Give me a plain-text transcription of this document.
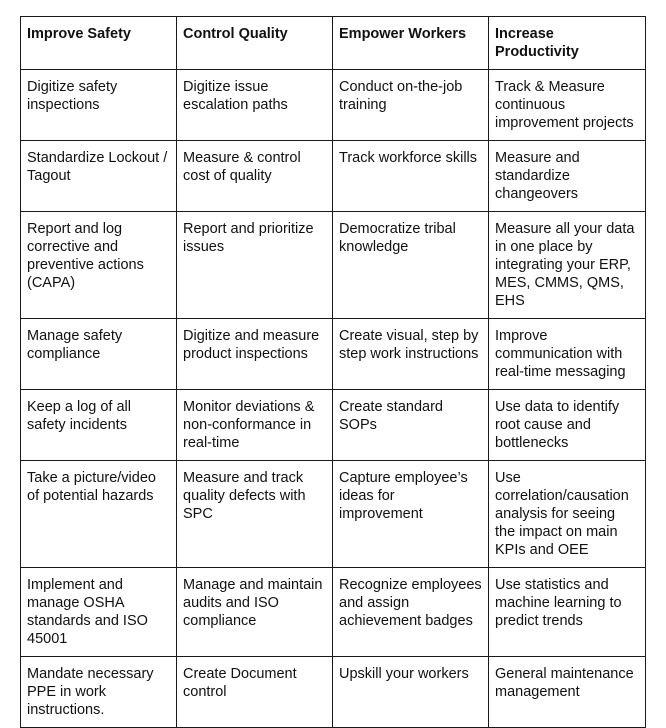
Improve Safety	Control Quality	Empower Workers	Increase Productivity
Digitize safety inspections	Digitize issue escalation paths	Conduct on-the-job training	Track & Measure continuous improvement projects
Standardize Lockout / Tagout	Measure & control cost of quality	Track workforce skills	Measure and standardize changeovers
Report and log corrective and preventive actions (CAPA)	Report and prioritize issues	Democratize tribal knowledge	Measure all your data in one place by integrating your ERP, MES, CMMS, QMS, EHS
Manage safety compliance	Digitize and measure product inspections	Create visual, step by step work instructions	Improve communication with real-time messaging
Keep a log of all safety incidents	Monitor deviations & non-conformance in real-time	Create standard SOPs	Use data to identify root cause and bottlenecks
Take a picture/video of potential hazards	Measure and track quality defects with SPC	Capture employee’s ideas for improvement	Use correlation/causation analysis for seeing the impact on main KPIs and OEE
Implement and manage OSHA standards and ISO 45001	Manage and maintain audits and ISO compliance	Recognize employees and assign achievement badges	Use statistics and machine learning to predict trends
Mandate necessary PPE in work instructions.	Create Document control	Upskill your workers	General maintenance management
